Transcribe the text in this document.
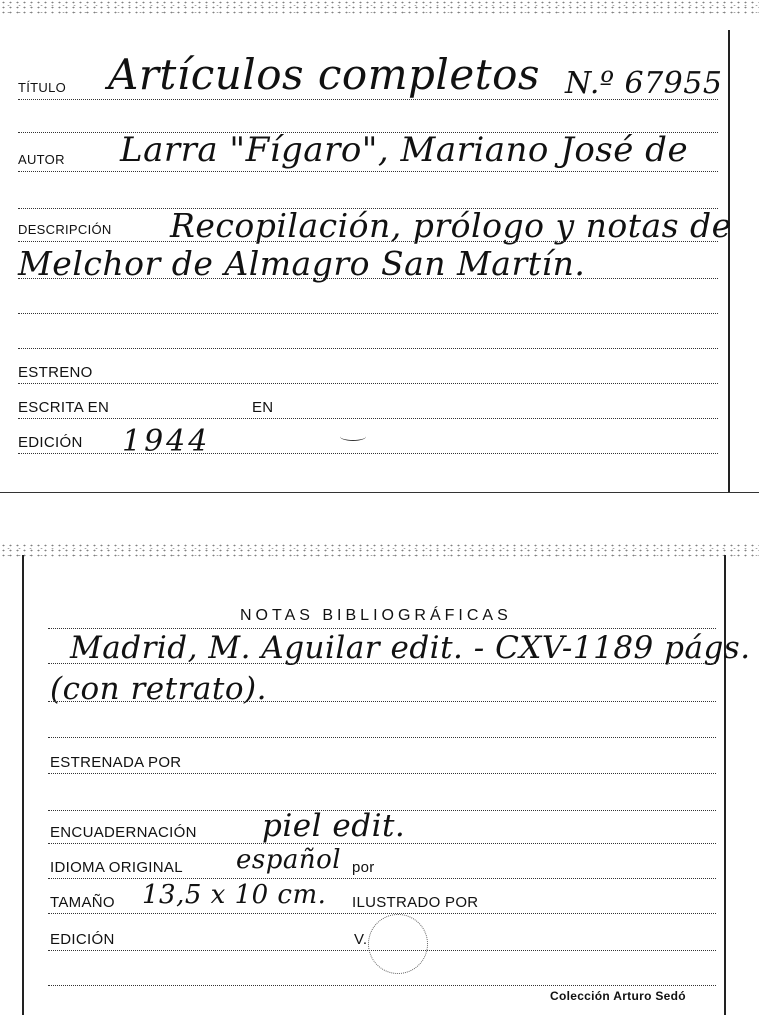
TÍTULO Artículos completos N.º 67955
AUTOR Larra "Fígaro", Mariano José de
DESCRIPCIÓN Recopilación, prólogo y notas de
Melchor de Almagro San Martín.
ESTRENO
ESCRITA EN	EN
EDICIÓN 1944
NOTAS BIBLIOGRÁFICAS
Madrid, M. Aguilar edit. - CXV-1189 págs.
(con retrato).
ESTRENADA POR
ENCUADERNACIÓN piel edit.
IDIOMA ORIGINAL español por
TAMAÑO 13,5 x 10 cm. ILUSTRADO POR
EDICIÓN	V.
Colección Arturo Sedó
